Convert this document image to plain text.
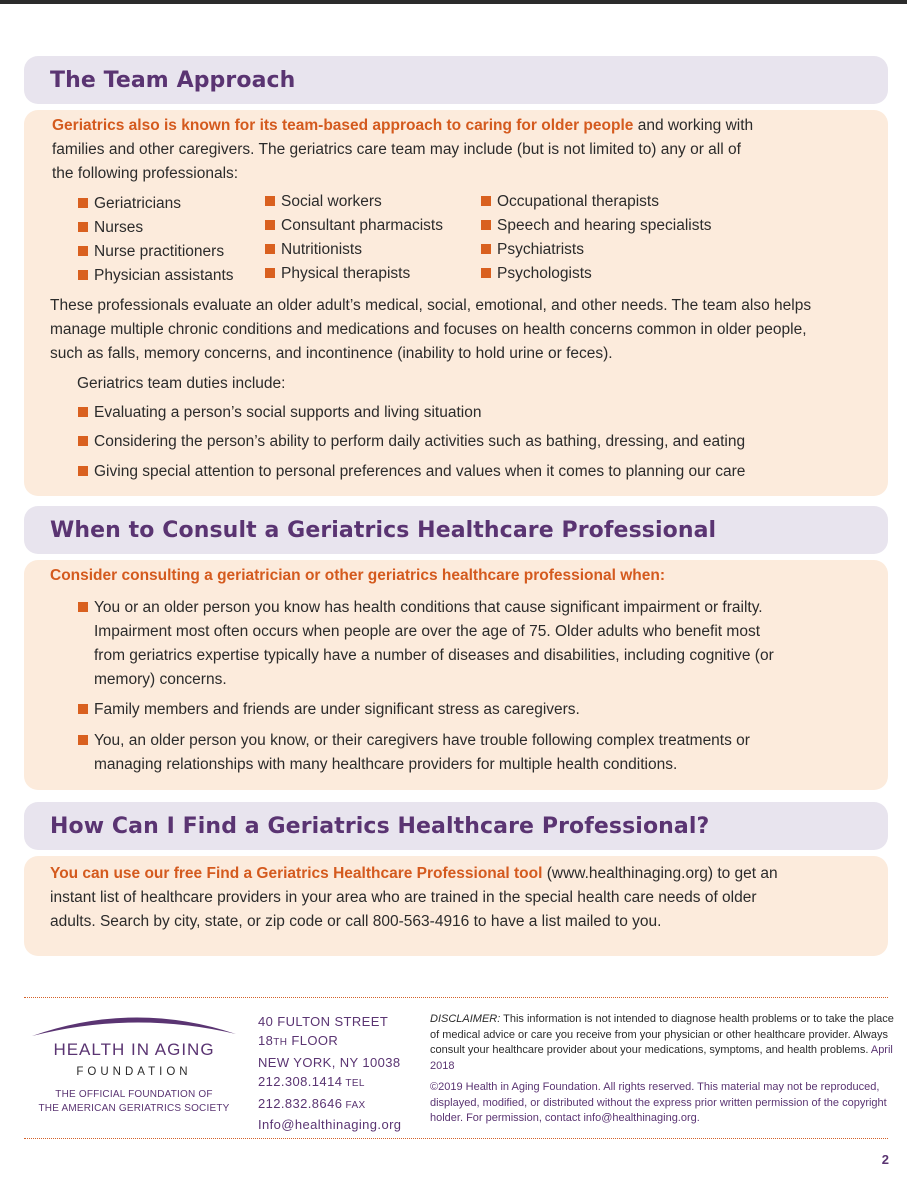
The Team Approach
Geriatrics also is known for its team-based approach to caring for older people and working with
families and other caregivers. The geriatrics care team may include (but is not limited to) any or all of
the following professionals:
Geriatricians
Nurses
Nurse practitioners
Physician assistants
Social workers
Consultant pharmacists
Nutritionists
Physical therapists
Occupational therapists
Speech and hearing specialists
Psychiatrists
Psychologists
These professionals evaluate an older adult’s medical, social, emotional, and other needs. The team also helps
manage multiple chronic conditions and medications and focuses on health concerns common in older people,
such as falls, memory concerns, and incontinence (inability to hold urine or feces).
Geriatrics team duties include:
Evaluating a person’s social supports and living situation
Considering the person’s ability to perform daily activities such as bathing, dressing, and eating
Giving special attention to personal preferences and values when it comes to planning our care
When to Consult a Geriatrics Healthcare Professional
Consider consulting a geriatrician or other geriatrics healthcare professional when:
You or an older person you know has health conditions that cause significant impairment or frailty.
Impairment most often occurs when people are over the age of 75. Older adults who benefit most
from geriatrics expertise typically have a number of diseases and disabilities, including cognitive (or
memory) concerns.
Family members and friends are under significant stress as caregivers.
You, an older person you know, or their caregivers have trouble following complex treatments or
managing relationships with many healthcare providers for multiple health conditions.
How Can I Find a Geriatrics Healthcare Professional?
You can use our free Find a Geriatrics Healthcare Professional tool (www.healthinaging.org) to get an
instant list of healthcare providers in your area who are trained in the special health care needs of older
adults. Search by city, state, or zip code or call 800-563-4916 to have a list mailed to you.
HEALTH IN AGING
FOUNDATION
THE OFFICIAL FOUNDATION OF
THE AMERICAN GERIATRICS SOCIETY
40 FULTON STREET
18TH FLOOR
NEW YORK, NY 10038
212.308.1414 TEL
212.832.8646 FAX
Info@healthinaging.org
DISCLAIMER: This information is not intended to diagnose health problems or to take the place of medical advice or care you receive from your physician or other healthcare provider. Always consult your healthcare provider about your medications, symptoms, and health problems. April 2018
©2019 Health in Aging Foundation. All rights reserved. This material may not be reproduced, displayed, modified, or distributed without the express prior written permission of the copyright holder. For permission, contact info@healthinaging.org.
2
